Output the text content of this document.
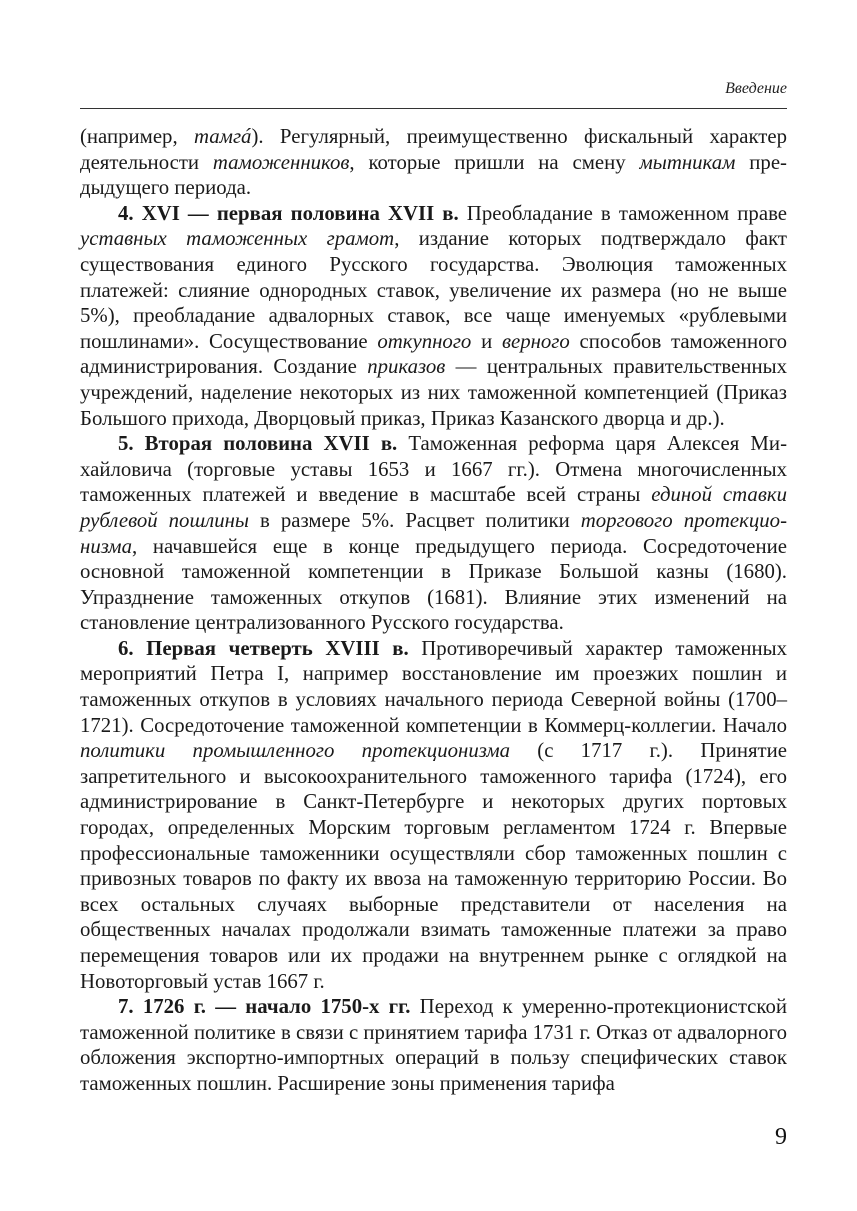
Введение

(например, тамгá). Регулярный, преимущественно фискальный характер деятельности таможенников, которые пришли на смену мытникам предыдущего периода.

4. XVI — первая половина XVII в. Преобладание в таможенном праве уставных таможенных грамот, издание которых подтверждало факт существования единого Русского государства. Эволюция таможенных платежей: слияние однородных ставок, увеличение их размера (но не выше 5%), преобладание адвалорных ставок, все чаще именуемых «рублевыми пошлинами». Сосуществование откупного и верного способов таможенного администрирования. Создание приказов — центральных правительственных учреждений, наделение некоторых из них таможенной компетенцией (Приказ Большого прихода, Дворцовый приказ, Приказ Казанского дворца и др.).

5. Вторая половина XVII в. Таможенная реформа царя Алексея Михайловича (торговые уставы 1653 и 1667 гг.). Отмена многочисленных таможенных платежей и введение в масштабе всей страны единой ставки рублевой пошлины в размере 5%. Расцвет политики торгового протекционизма, начавшейся еще в конце предыдущего периода. Сосредоточение основной таможенной компетенции в Приказе Большой казны (1680). Упразднение таможенных откупов (1681). Влияние этих изменений на становление централизованного Русского государства.

6. Первая четверть XVIII в. Противоречивый характер таможенных мероприятий Петра I, например восстановление им проезжих пошлин и таможенных откупов в условиях начального периода Северной войны (1700–1721). Сосредоточение таможенной компетенции в Коммерц-коллегии. Начало политики промышленного протекционизма (с 1717 г.). Принятие запретительного и высокоохранительного таможенного тарифа (1724), его администрирование в Санкт-Петербурге и некоторых других портовых городах, определенных Морским торговым регламентом 1724 г. Впервые профессиональные таможенники осуществляли сбор таможенных пошлин с привозных товаров по факту их ввоза на таможенную территорию России. Во всех остальных случаях выборные представители от населения на общественных началах продолжали взимать таможенные платежи за право перемещения товаров или их продажи на внутреннем рынке с оглядкой на Новоторговый устав 1667 г.

7. 1726 г. — начало 1750-х гг. Переход к умеренно-протекционистской таможенной политике в связи с принятием тарифа 1731 г. Отказ от адвалорного обложения экспортно-импортных операций в пользу специфических ставок таможенных пошлин. Расширение зоны применения тарифа

9
